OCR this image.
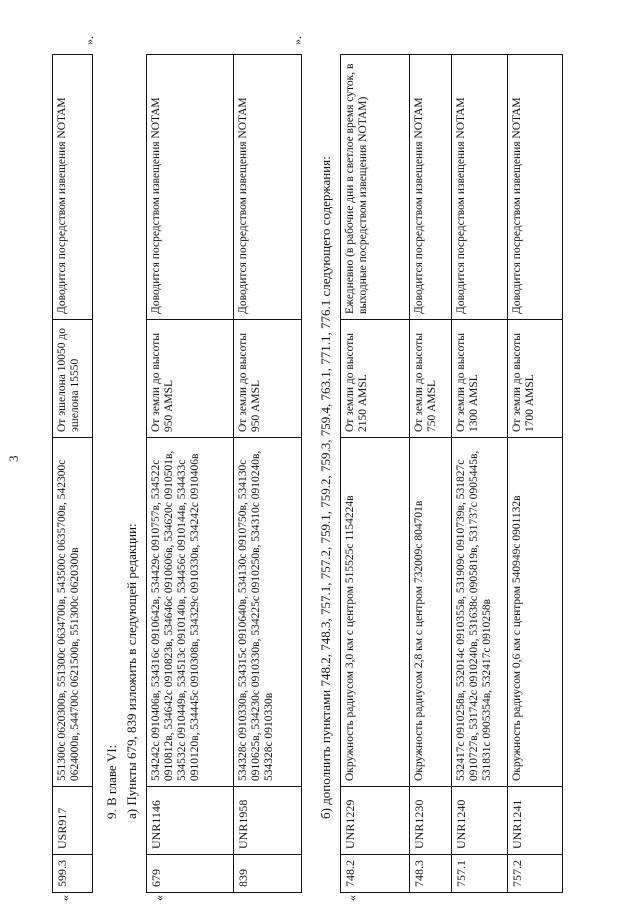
3
«
599.3	USR917	551300с 0620300в, 551300с 0634700в, 543500с 0635700в, 542300с 0624000в, 544700с 0621500в, 551300с 0620300в	От эшелона 10050 до эшелона 15550	Доводится посредством извещения NOTAM
».
9. В главе VI: а) Пункты 679, 839 изложить в следующей редакции:
«
679	UNR1146	534242с 0910406в, 534316с 0910642в, 534429с 0910757в, 534522с 0910812в, 534642с 0910823в, 534646с 0910606в, 534620с 0910501в, 534532с 0910449в, 534513с 0910140в, 534456с 0910144в, 534433с 0910120в, 534445с 0910308в, 534329с 0910330в, 534242с 0910406в	От земли до высоты 950 AMSL	Доводится посредством извещения NOTAM
839	UNR1958	534328с 0910330в, 534315с 0910640в, 534130с 0910750в, 534130с 0910625в, 534230с 0910330в, 534225с 0910250в, 534310с 0910240в, 534328с 0910330в	От земли до высоты 950 AMSL	Доводится посредством извещения NOTAM
».
б) дополнить пунктами 748.2, 748.3, 757.1, 757.2, 759.1, 759.2, 759.3, 759.4, 763.1, 771.1, 776.1 следующего содержания:
«
748.2	UNR1229	Окружность радиусом 3,0 км с центром 515525с 1154224в	От земли до высоты 2150 AMSL	Ежедневно (в рабочие дни в светлое время суток, в выходные посредством извещения NOTAM)
748.3	UNR1230	Окружность радиусом 2,8 км с центром 732009с 804701в	От земли до высоты 750 AMSL	Доводится посредством извещения NOTAM
757.1	UNR1240	532417с 0910258в, 532014с 0910355в, 531909с 0910739в, 531827с 0910727в, 531742с 0910240в, 531638с 0905819в, 531737с 0905445в, 531831с 0905354в, 532417с 0910258в	От земли до высоты 1300 AMSL	Доводится посредством извещения NOTAM
757.2	UNR1241	Окружность радиусом 0,6 км с центром 540949с 0901132в	От земли до высоты 1700 AMSL	Доводится посредством извещения NOTAM
